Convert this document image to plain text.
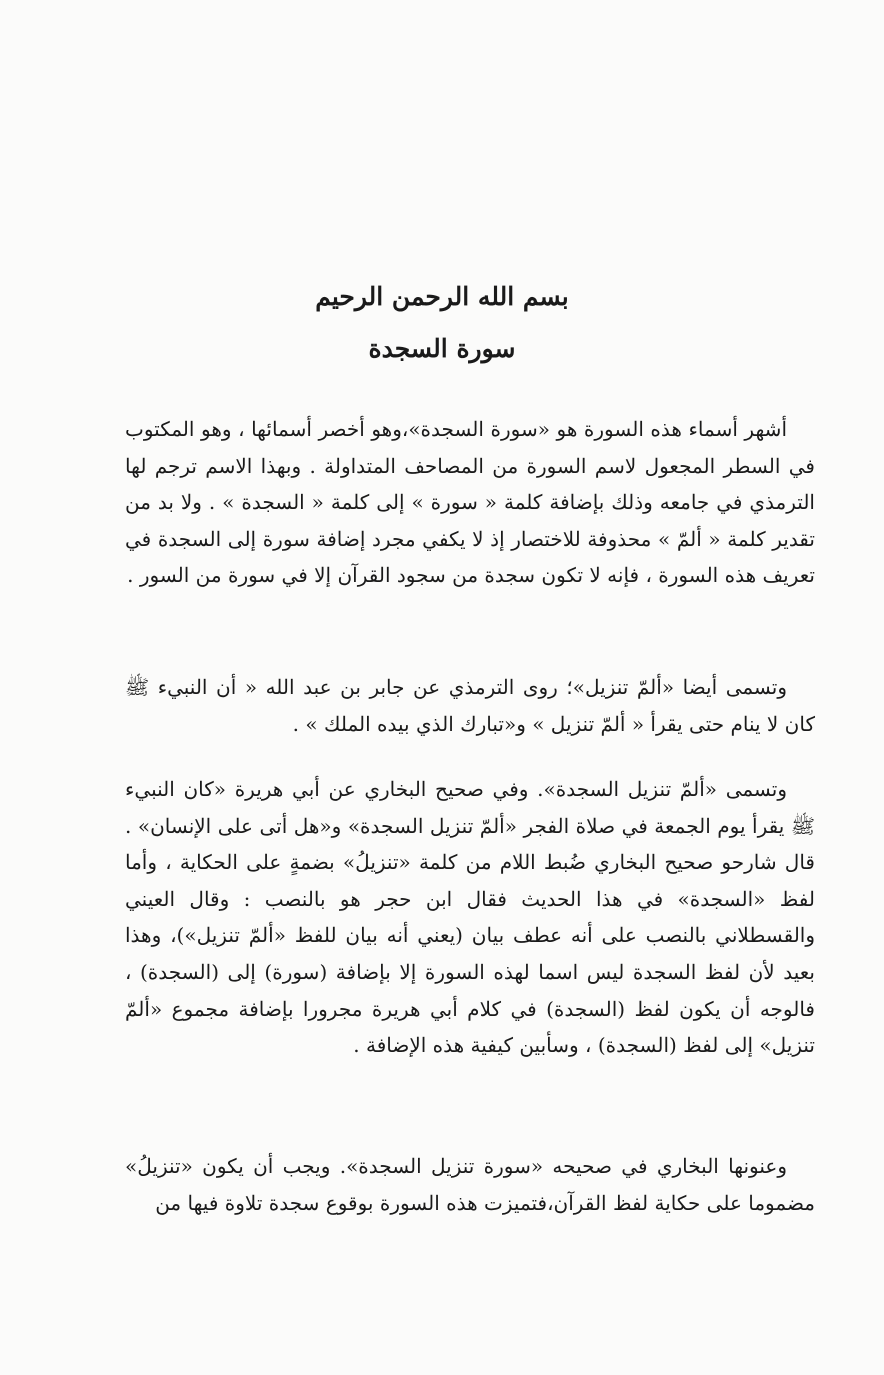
بسم الله الرحمن الرحيم
سورة السجدة

أشهر أسماء هذه السورة هو «سورة السجدة»،وهو أخصر أسمائها ، وهو المكتوب في السطر المجعول لاسم السورة من المصاحف المتداولة . وبهذا الاسم ترجم لها الترمذي في جامعه وذلك بإضافة كلمة « سورة » إلى كلمة « السجدة » . ولا بد من تقدير كلمة « ألمّ » محذوفة للاختصار إذ لا يكفي مجرد إضافة سورة إلى السجدة في تعريف هذه السورة ، فإنه لا تكون سجدة من سجود القرآن إلا في سورة من السور .

وتسمى أيضا «ألمّ تنزيل»؛ روى الترمذي عن جابر بن عبد الله « أن النبيء ﷺ كان لا ينام حتى يقرأ « ألمّ تنزيل » و«تبارك الذي بيده الملك » .

وتسمى «ألمّ تنزيل السجدة». وفي صحيح البخاري عن أبي هريرة «كان النبيء ﷺ يقرأ يوم الجمعة في صلاة الفجر «ألمّ تنزيل السجدة» و«هل أتى على الإنسان» . قال شارحو صحيح البخاري ضُبط اللام من كلمة «تنزيلُ» بضمةٍ على الحكاية ، وأما لفظ «السجدة» في هذا الحديث فقال ابن حجر هو بالنصب : وقال العيني والقسطلاني بالنصب على أنه عطف بيان (يعني أنه بيان للفظ «ألمّ تنزيل»)، وهذا بعيد لأن لفظ السجدة ليس اسما لهذه السورة إلا بإضافة (سورة) إلى (السجدة) ، فالوجه أن يكون لفظ (السجدة) في كلام أبي هريرة مجرورا بإضافة مجموع «ألمّ تنزيل» إلى لفظ (السجدة) ، وسأبين كيفية هذه الإضافة .

وعنونها البخاري في صحيحه «سورة تنزيل السجدة». ويجب أن يكون «تنزيلُ» مضموما على حكاية لفظ القرآن،فتميزت هذه السورة بوقوع سجدة تلاوة فيها من
